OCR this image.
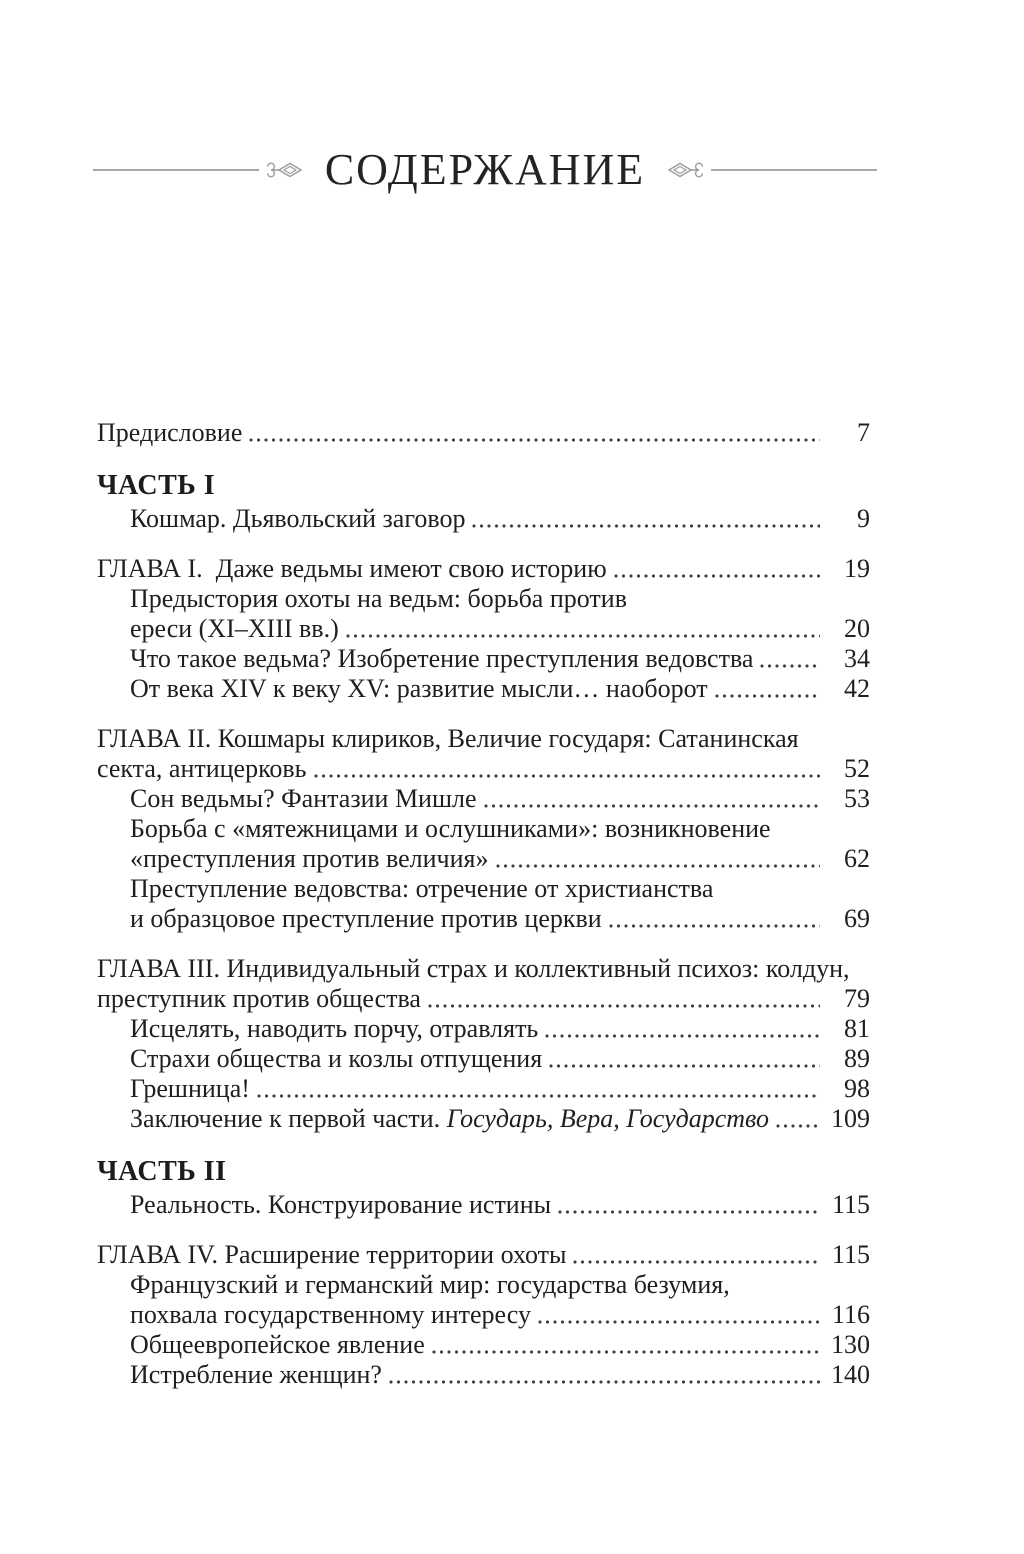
СОДЕРЖАНИЕ
Предисловие	7
ЧАСТЬ I
Кошмар. Дьявольский заговор	9
ГЛАВА I. Даже ведьмы имеют свою историю	19
Предыстория охоты на ведьм: борьба против
ереси (XI–XIII вв.)	20
Что такое ведьма? Изобретение преступления ведовства	34
От века XIV к веку XV: развитие мысли… наоборот	42
ГЛАВА II. Кошмары клириков, Величие государя: Сатанинская
секта, антицерковь	52
Сон ведьмы? Фантазии Мишле	53
Борьба с «мятежницами и ослушниками»: возникновение
«преступления против величия»	62
Преступление ведовства: отречение от христианства
и образцовое преступление против церкви	69
ГЛАВА III. Индивидуальный страх и коллективный психоз: колдун,
преступник против общества	79
Исцелять, наводить порчу, отравлять	81
Страхи общества и козлы отпущения	89
Грешница!	98
Заключение к первой части. Государь, Вера, Государство 109
ЧАСТЬ II
Реальность. Конструирование истины	115
ГЛАВА IV. Расширение территории охоты	115
Французский и германский мир: государства безумия,
похвала государственному интересу	116
Общеевропейское явление	130
Истребление женщин?	140
